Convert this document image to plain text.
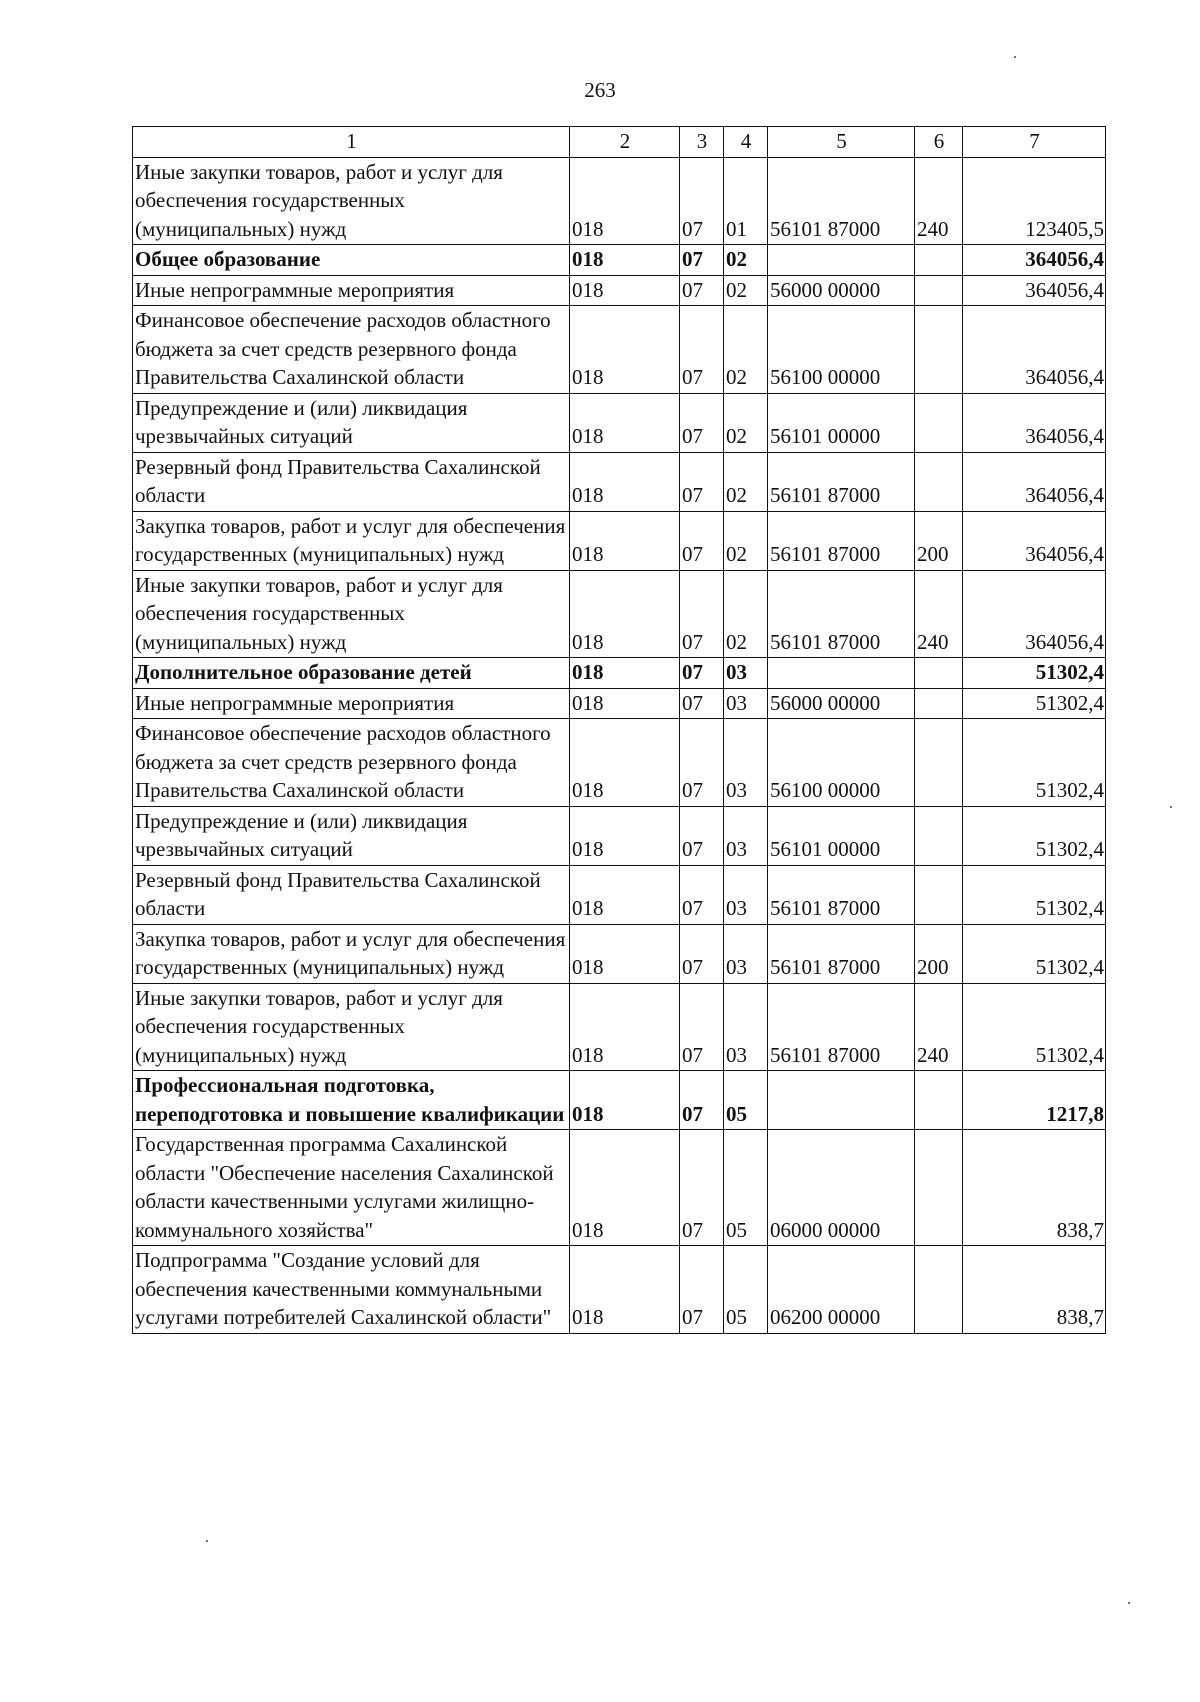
263
1	2	3	4	5	6	7
Иные закупки товаров, работ и услуг для обеспечения государственных (муниципальных) нужд	018	07	01	56101 87000	240	123405,5
Общее образование	018	07	02			364056,4
Иные непрограммные мероприятия	018	07	02	56000 00000		364056,4
Финансовое обеспечение расходов областного бюджета за счет средств резервного фонда Правительства Сахалинской области	018	07	02	56100 00000		364056,4
Предупреждение и (или) ликвидация чрезвычайных ситуаций	018	07	02	56101 00000		364056,4
Резервный фонд Правительства Сахалинской области	018	07	02	56101 87000		364056,4
Закупка товаров, работ и услуг для обеспечения государственных (муниципальных) нужд	018	07	02	56101 87000	200	364056,4
Иные закупки товаров, работ и услуг для обеспечения государственных (муниципальных) нужд	018	07	02	56101 87000	240	364056,4
Дополнительное образование детей	018	07	03			51302,4
Иные непрограммные мероприятия	018	07	03	56000 00000		51302,4
Финансовое обеспечение расходов областного бюджета за счет средств резервного фонда Правительства Сахалинской области	018	07	03	56100 00000		51302,4
Предупреждение и (или) ликвидация чрезвычайных ситуаций	018	07	03	56101 00000		51302,4
Резервный фонд Правительства Сахалинской области	018	07	03	56101 87000		51302,4
Закупка товаров, работ и услуг для обеспечения государственных (муниципальных) нужд	018	07	03	56101 87000	200	51302,4
Иные закупки товаров, работ и услуг для обеспечения государственных (муниципальных) нужд	018	07	03	56101 87000	240	51302,4
Профессиональная подготовка, переподготовка и повышение квалификации	018	07	05			1217,8
Государственная программа Сахалинской области "Обеспечение населения Сахалинской области качественными услугами жилищно-коммунального хозяйства"	018	07	05	06000 00000		838,7
Подпрограмма "Создание условий для обеспечения качественными коммунальными услугами потребителей Сахалинской области"	018	07	05	06200 00000		838,7
